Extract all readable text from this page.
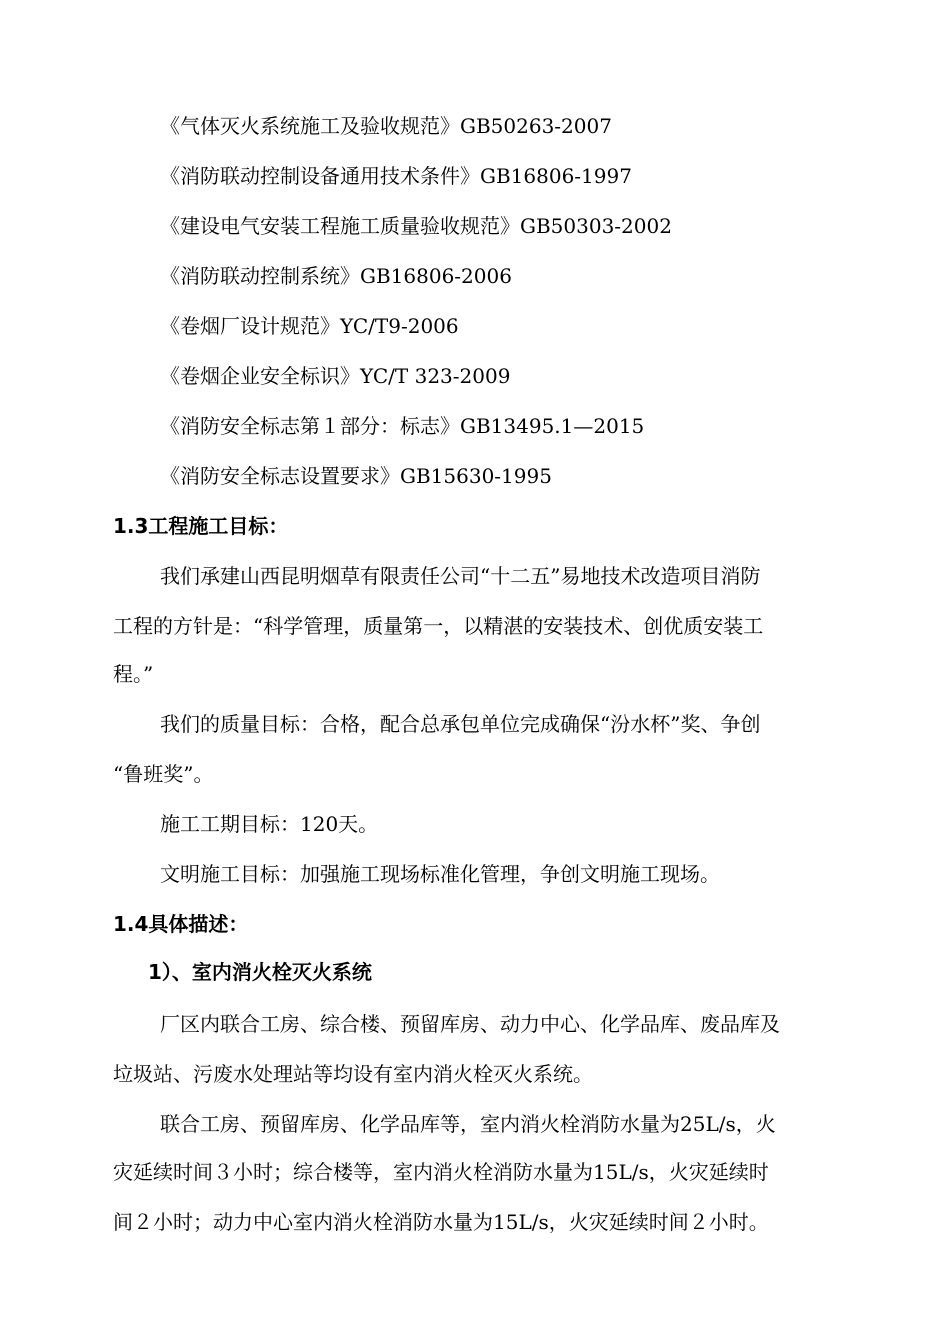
《气体灭火系统施工及验收规范》GB50263-2007
《消防联动控制设备通用技术条件》GB16806-1997
《建设电气安装工程施工质量验收规范》GB50303-2002
《消防联动控制系统》GB16806-2006
《卷烟厂设计规范》YC/T9-2006
《卷烟企业安全标识》YC/T 323-2009
《消防安全标志第１部分：标志》GB13495.1—2015
《消防安全标志设置要求》GB15630-1995
1.3工程施工目标：
我们承建山西昆明烟草有限责任公司“十二五”易地技术改造项目消防
工程的方针是：“科学管理，质量第一，以精湛的安装技术、创优质安装工
程。”
我们的质量目标：合格，配合总承包单位完成确保“汾水杯”奖、争创
“鲁班奖”。
施工工期目标：120天。
文明施工目标：加强施工现场标准化管理，争创文明施工现场。
1.4具体描述：
1）、室内消火栓灭火系统
厂区内联合工房、综合楼、预留库房、动力中心、化学品库、废品库及
垃圾站、污废水处理站等均设有室内消火栓灭火系统。
联合工房、预留库房、化学品库等，室内消火栓消防水量为25L/s，火
灾延续时间３小时；综合楼等，室内消火栓消防水量为15L/s，火灾延续时
间２小时；动力中心室内消火栓消防水量为15L/s，火灾延续时间２小时。
